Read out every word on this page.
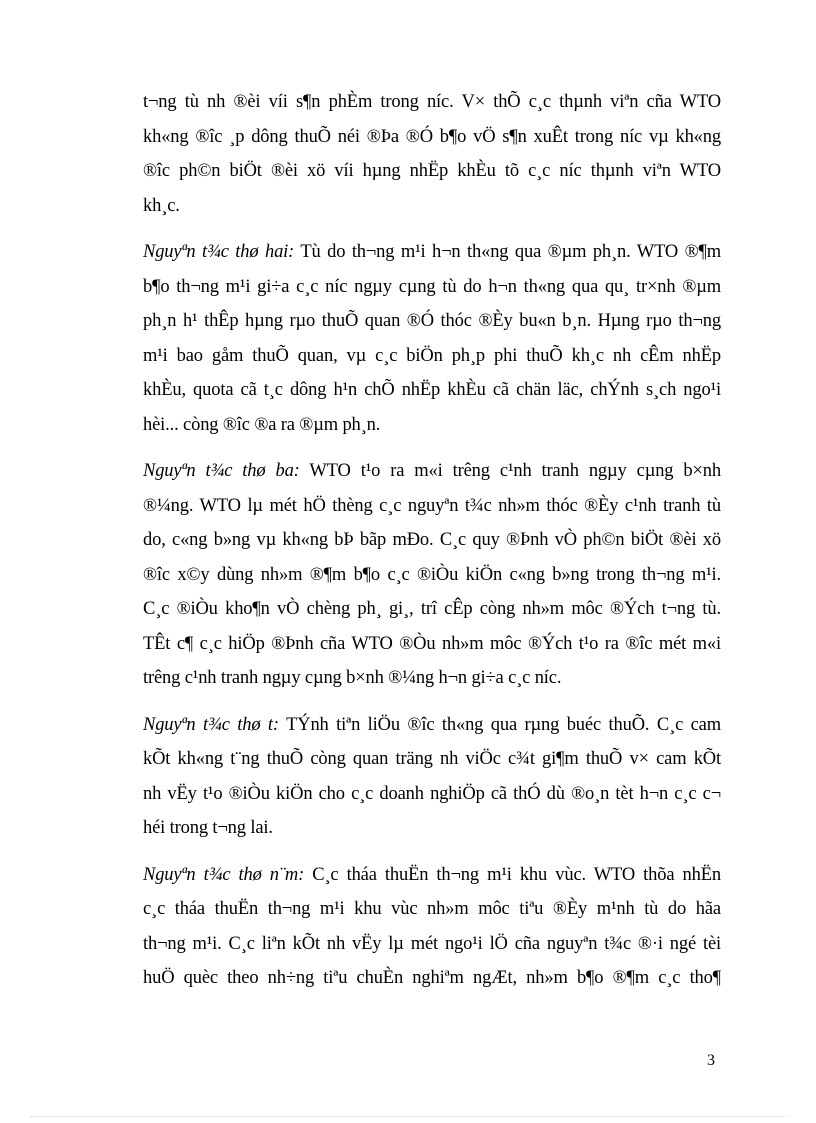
t¬ng tù nh ®èi víi s¶n phÈm trong níc. V× thÕ c¸c thµnh viªn cña WTO
kh«ng ®îc ¸p dông thuÕ néi ®Þa ®Ó b¶o vÖ s¶n xuÊt trong níc vµ kh«ng
®îc ph©n biÖt ®èi xö víi hµng nhËp khÈu tõ c¸c níc thµnh viªn WTO
kh¸c.
Nguyªn t¾c thø hai: Tù do th¬ng m¹i h¬n th«ng qua ®µm ph¸n. WTO ®¶m
b¶o th¬ng m¹i gi÷a c¸c níc ngµy cµng tù do h¬n th«ng qua qu¸ tr×nh ®µm
ph¸n h¹ thÊp hµng rµo thuÕ quan ®Ó thóc ®Èy bu«n b¸n. Hµng rµo th¬ng
m¹i bao gåm thuÕ quan, vµ c¸c biÖn ph¸p phi thuÕ kh¸c nh cÊm nhËp
khÈu, quota cã t¸c dông h¹n chÕ nhËp khÈu cã chän läc, chÝnh s¸ch ngo¹i
hèi... còng ®îc ®a ra ®µm ph¸n.
Nguyªn t¾c thø ba: WTO t¹o ra m«i trêng c¹nh tranh ngµy cµng b×nh
®¼ng. WTO lµ mét hÖ thèng c¸c nguyªn t¾c nh»m thóc ®Èy c¹nh tranh tù
do, c«ng b»ng vµ kh«ng bÞ bãp mÐo. C¸c quy ®Þnh vÒ ph©n biÖt ®èi xö
®îc x©y dùng nh»m ®¶m b¶o c¸c ®iÒu kiÖn c«ng b»ng trong th¬ng m¹i.
C¸c ®iÒu kho¶n vÒ chèng ph¸ gi¸, trî cÊp còng nh»m môc ®Ých t¬ng tù.
TÊt c¶ c¸c hiÖp ®Þnh cña WTO ®Òu nh»m môc ®Ých t¹o ra ®îc mét m«i
trêng c¹nh tranh ngµy cµng b×nh ®¼ng h¬n gi÷a c¸c níc.
Nguyªn t¾c thø t: TÝnh tiªn liÖu ®îc th«ng qua rµng buéc thuÕ. C¸c cam
kÕt kh«ng t¨ng thuÕ còng quan träng nh viÖc c¾t gi¶m thuÕ v× cam kÕt
nh vËy t¹o ®iÒu kiÖn cho c¸c doanh nghiÖp cã thÓ dù ®o¸n tèt h¬n c¸c c¬
héi trong t¬ng lai.
Nguyªn t¾c thø n¨m: C¸c tháa thuËn th¬ng m¹i khu vùc. WTO thõa nhËn
c¸c tháa thuËn th¬ng m¹i khu vùc nh»m môc tiªu ®Èy m¹nh tù do hãa
th¬ng m¹i. C¸c liªn kÕt nh vËy lµ mét ngo¹i lÖ cña nguyªn t¾c ®·i ngé tèi
huÖ quèc theo nh÷ng tiªu chuÈn nghiªm ngÆt, nh»m b¶o ®¶m c¸c tho¶
3
